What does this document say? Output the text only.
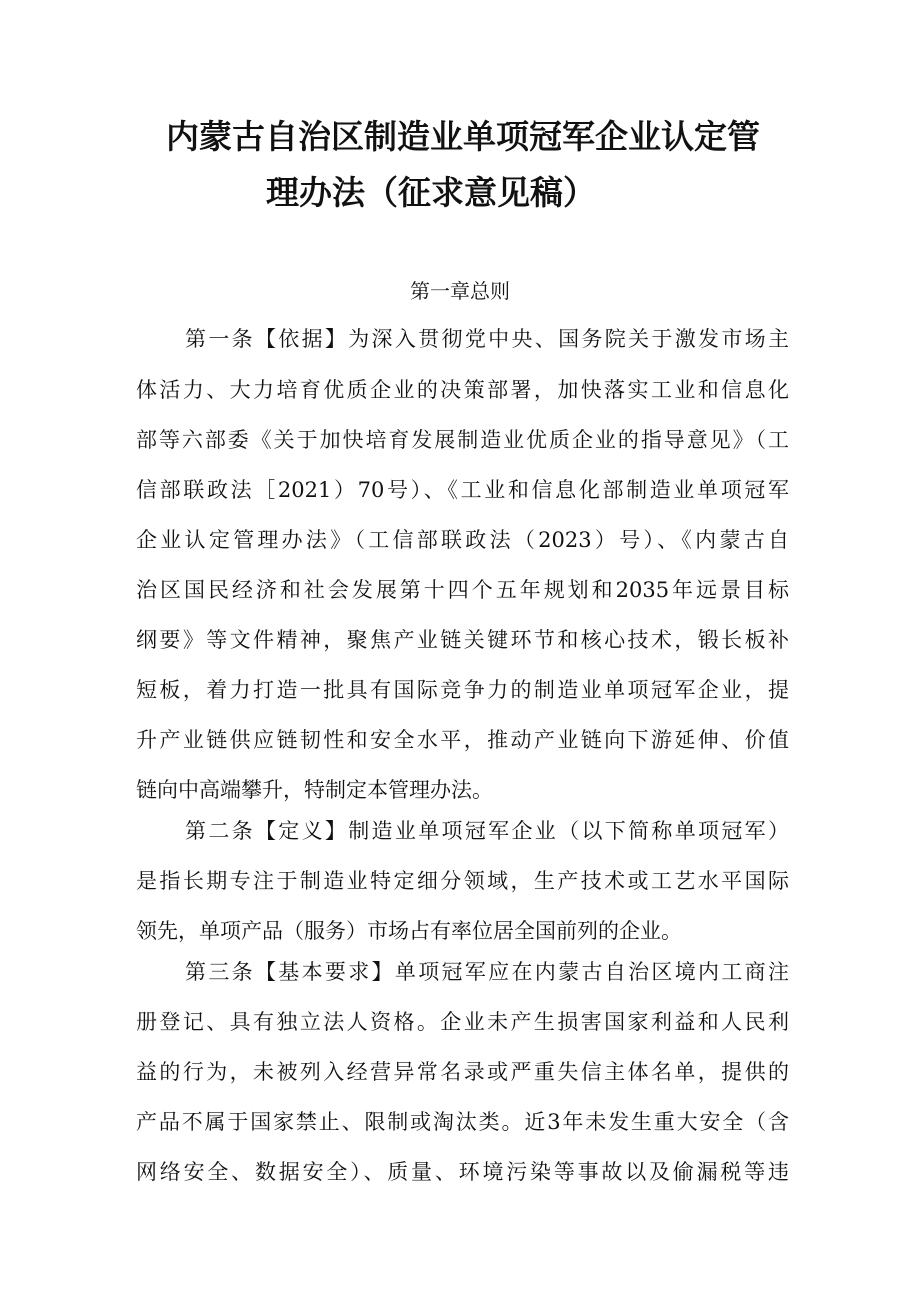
内蒙古自治区制造业单项冠军企业认定管
理办法（征求意见稿）
第一章总则
第一条【依据】为深入贯彻党中央、国务院关于激发市场主
体活力、大力培育优质企业的决策部署，加快落实工业和信息化
部等六部委《关于加快培育发展制造业优质企业的指导意见》（工
信部联政法［2021）70号）、《工业和信息化部制造业单项冠军
企业认定管理办法》（工信部联政法（2023）号）、《内蒙古自
治区国民经济和社会发展第十四个五年规划和2035年远景目标
纲要》等文件精神，聚焦产业链关键环节和核心技术，锻长板补
短板，着力打造一批具有国际竞争力的制造业单项冠军企业，提
升产业链供应链韧性和安全水平，推动产业链向下游延伸、价值
链向中高端攀升，特制定本管理办法。
第二条【定义】制造业单项冠军企业（以下简称单项冠军）
是指长期专注于制造业特定细分领域，生产技术或工艺水平国际
领先，单项产品（服务）市场占有率位居全国前列的企业。
第三条【基本要求】单项冠军应在内蒙古自治区境内工商注
册登记、具有独立法人资格。企业未产生损害国家利益和人民利
益的行为，未被列入经营异常名录或严重失信主体名单，提供的
产品不属于国家禁止、限制或淘汰类。近3年未发生重大安全（含
网络安全、数据安全）、质量、环境污染等事故以及偷漏税等违
